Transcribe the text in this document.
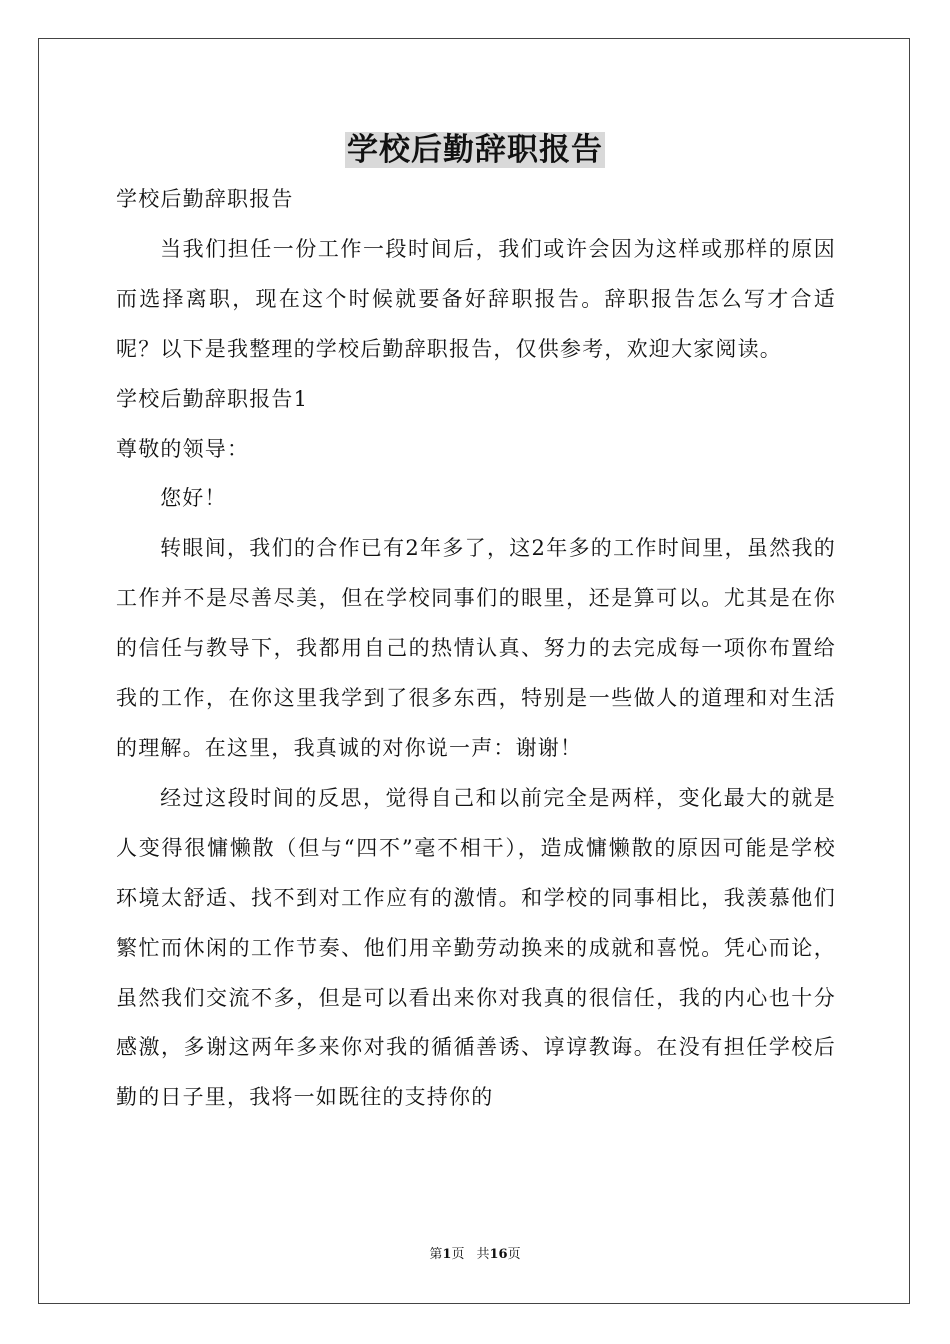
学校后勤辞职报告

学校后勤辞职报告

当我们担任一份工作一段时间后，我们或许会因为这样或那样的原因而选择离职，现在这个时候就要备好辞职报告。辞职报告怎么写才合适呢？以下是我整理的学校后勤辞职报告，仅供参考，欢迎大家阅读。

学校后勤辞职报告1

尊敬的领导：

您好！

转眼间，我们的合作已有2年多了，这2年多的工作时间里，虽然我的工作并不是尽善尽美，但在学校同事们的眼里，还是算可以。尤其是在你的信任与教导下，我都用自己的热情认真、努力的去完成每一项你布置给我的工作，在你这里我学到了很多东西，特别是一些做人的道理和对生活的理解。在这里，我真诚的对你说一声：谢谢！

经过这段时间的反思，觉得自己和以前完全是两样，变化最大的就是人变得很慵懒散（但与“四不”毫不相干），造成慵懒散的原因可能是学校环境太舒适、找不到对工作应有的激情。和学校的同事相比，我羡慕他们繁忙而休闲的工作节奏、他们用辛勤劳动换来的成就和喜悦。凭心而论，虽然我们交流不多，但是可以看出来你对我真的很信任，我的内心也十分感激，多谢这两年多来你对我的循循善诱、谆谆教诲。在没有担任学校后勤的日子里，我将一如既往的支持你的

第1页 共16页
